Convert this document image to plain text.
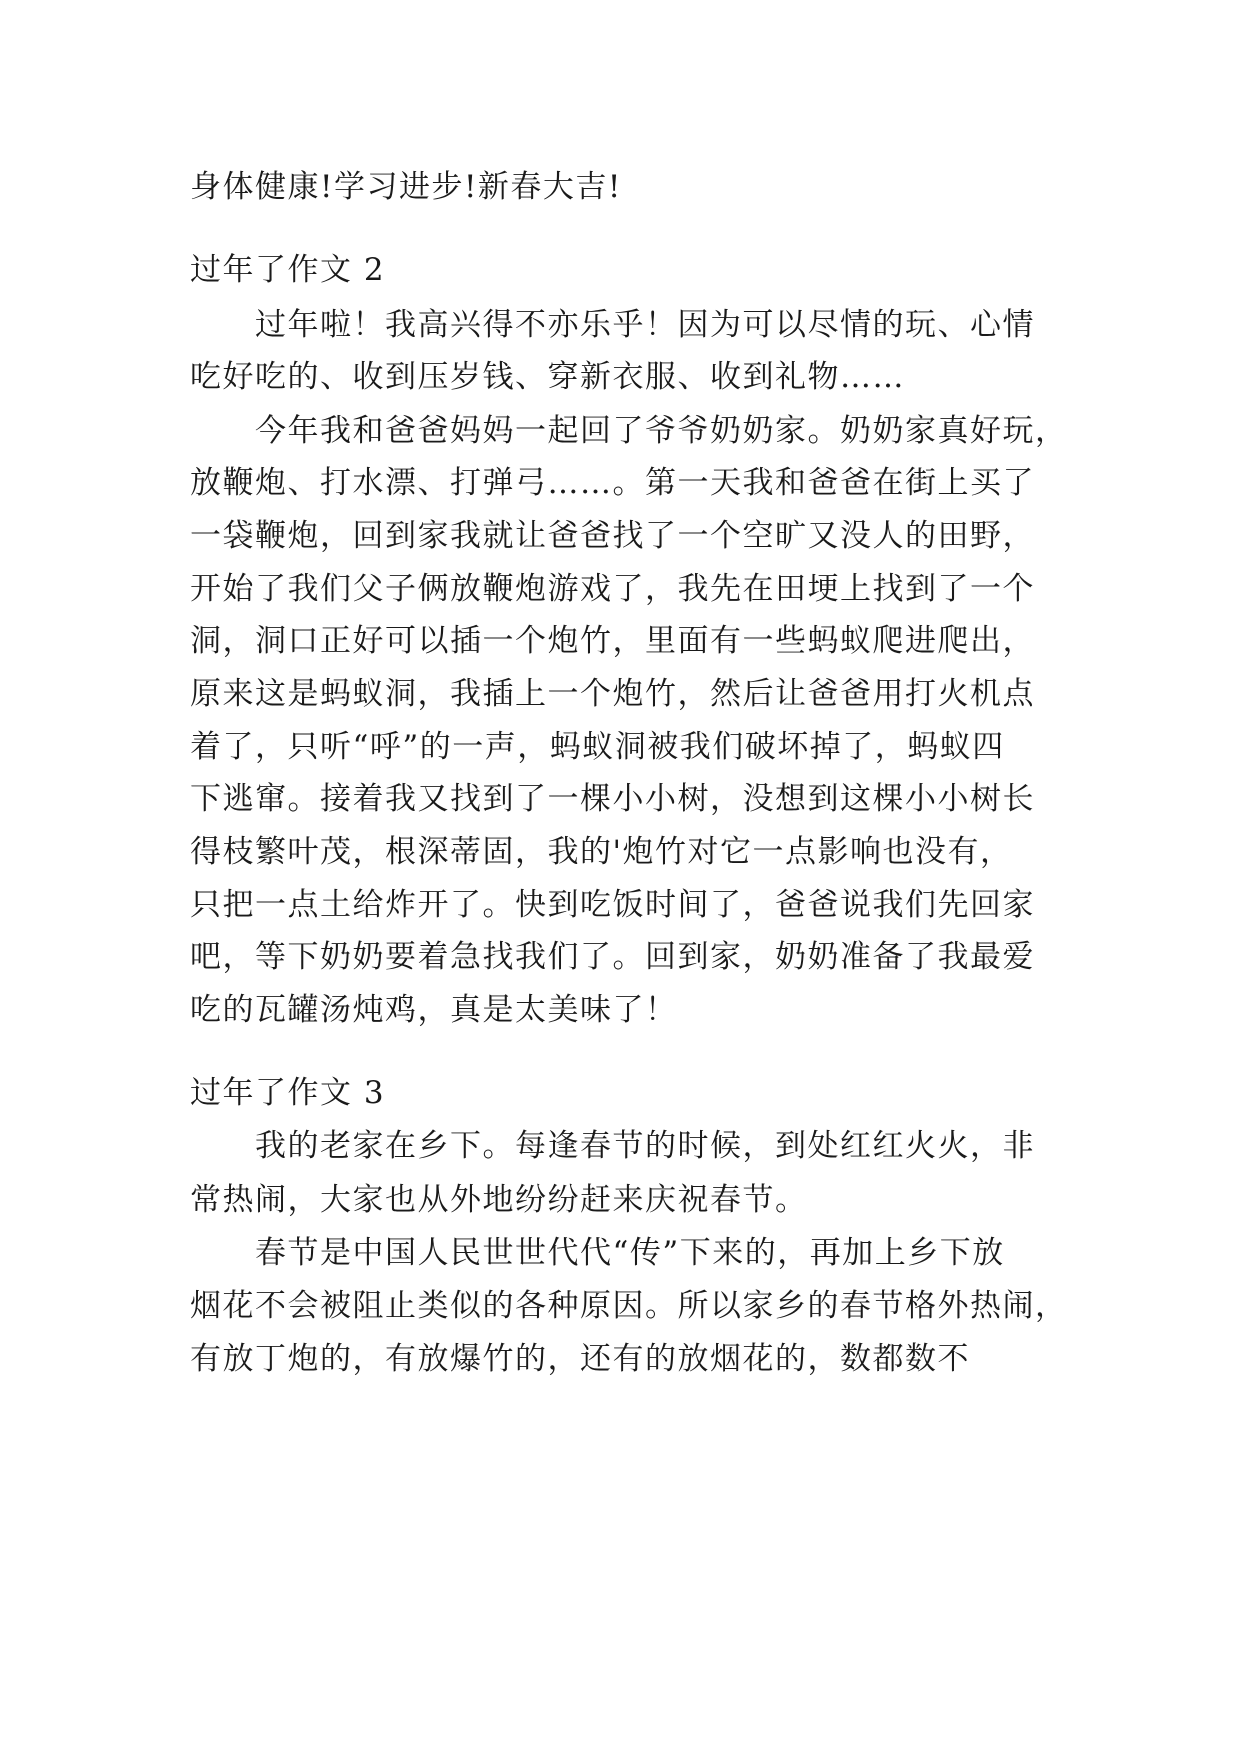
身体健康!学习进步!新春大吉!
过年了作文 2
过年啦！我高兴得不亦乐乎！因为可以尽情的玩、心情
吃好吃的、收到压岁钱、穿新衣服、收到礼物……
今年我和爸爸妈妈一起回了爷爷奶奶家。奶奶家真好玩，
放鞭炮、打水漂、打弹弓……。第一天我和爸爸在街上买了
一袋鞭炮，回到家我就让爸爸找了一个空旷又没人的田野，
开始了我们父子俩放鞭炮游戏了，我先在田埂上找到了一个
洞，洞口正好可以插一个炮竹，里面有一些蚂蚁爬进爬出，
原来这是蚂蚁洞，我插上一个炮竹，然后让爸爸用打火机点
着了，只听“呼”的一声，蚂蚁洞被我们破坏掉了，蚂蚁四
下逃窜。接着我又找到了一棵小小树，没想到这棵小小树长
得枝繁叶茂，根深蒂固，我的'炮竹对它一点影响也没有，
只把一点土给炸开了。快到吃饭时间了，爸爸说我们先回家
吧，等下奶奶要着急找我们了。回到家，奶奶准备了我最爱
吃的瓦罐汤炖鸡，真是太美味了！
过年了作文 3
我的老家在乡下。每逢春节的时候，到处红红火火，非
常热闹，大家也从外地纷纷赶来庆祝春节。
春节是中国人民世世代代“传”下来的，再加上乡下放
烟花不会被阻止类似的各种原因。所以家乡的春节格外热闹，
有放丁炮的，有放爆竹的，还有的放烟花的，数都数不
